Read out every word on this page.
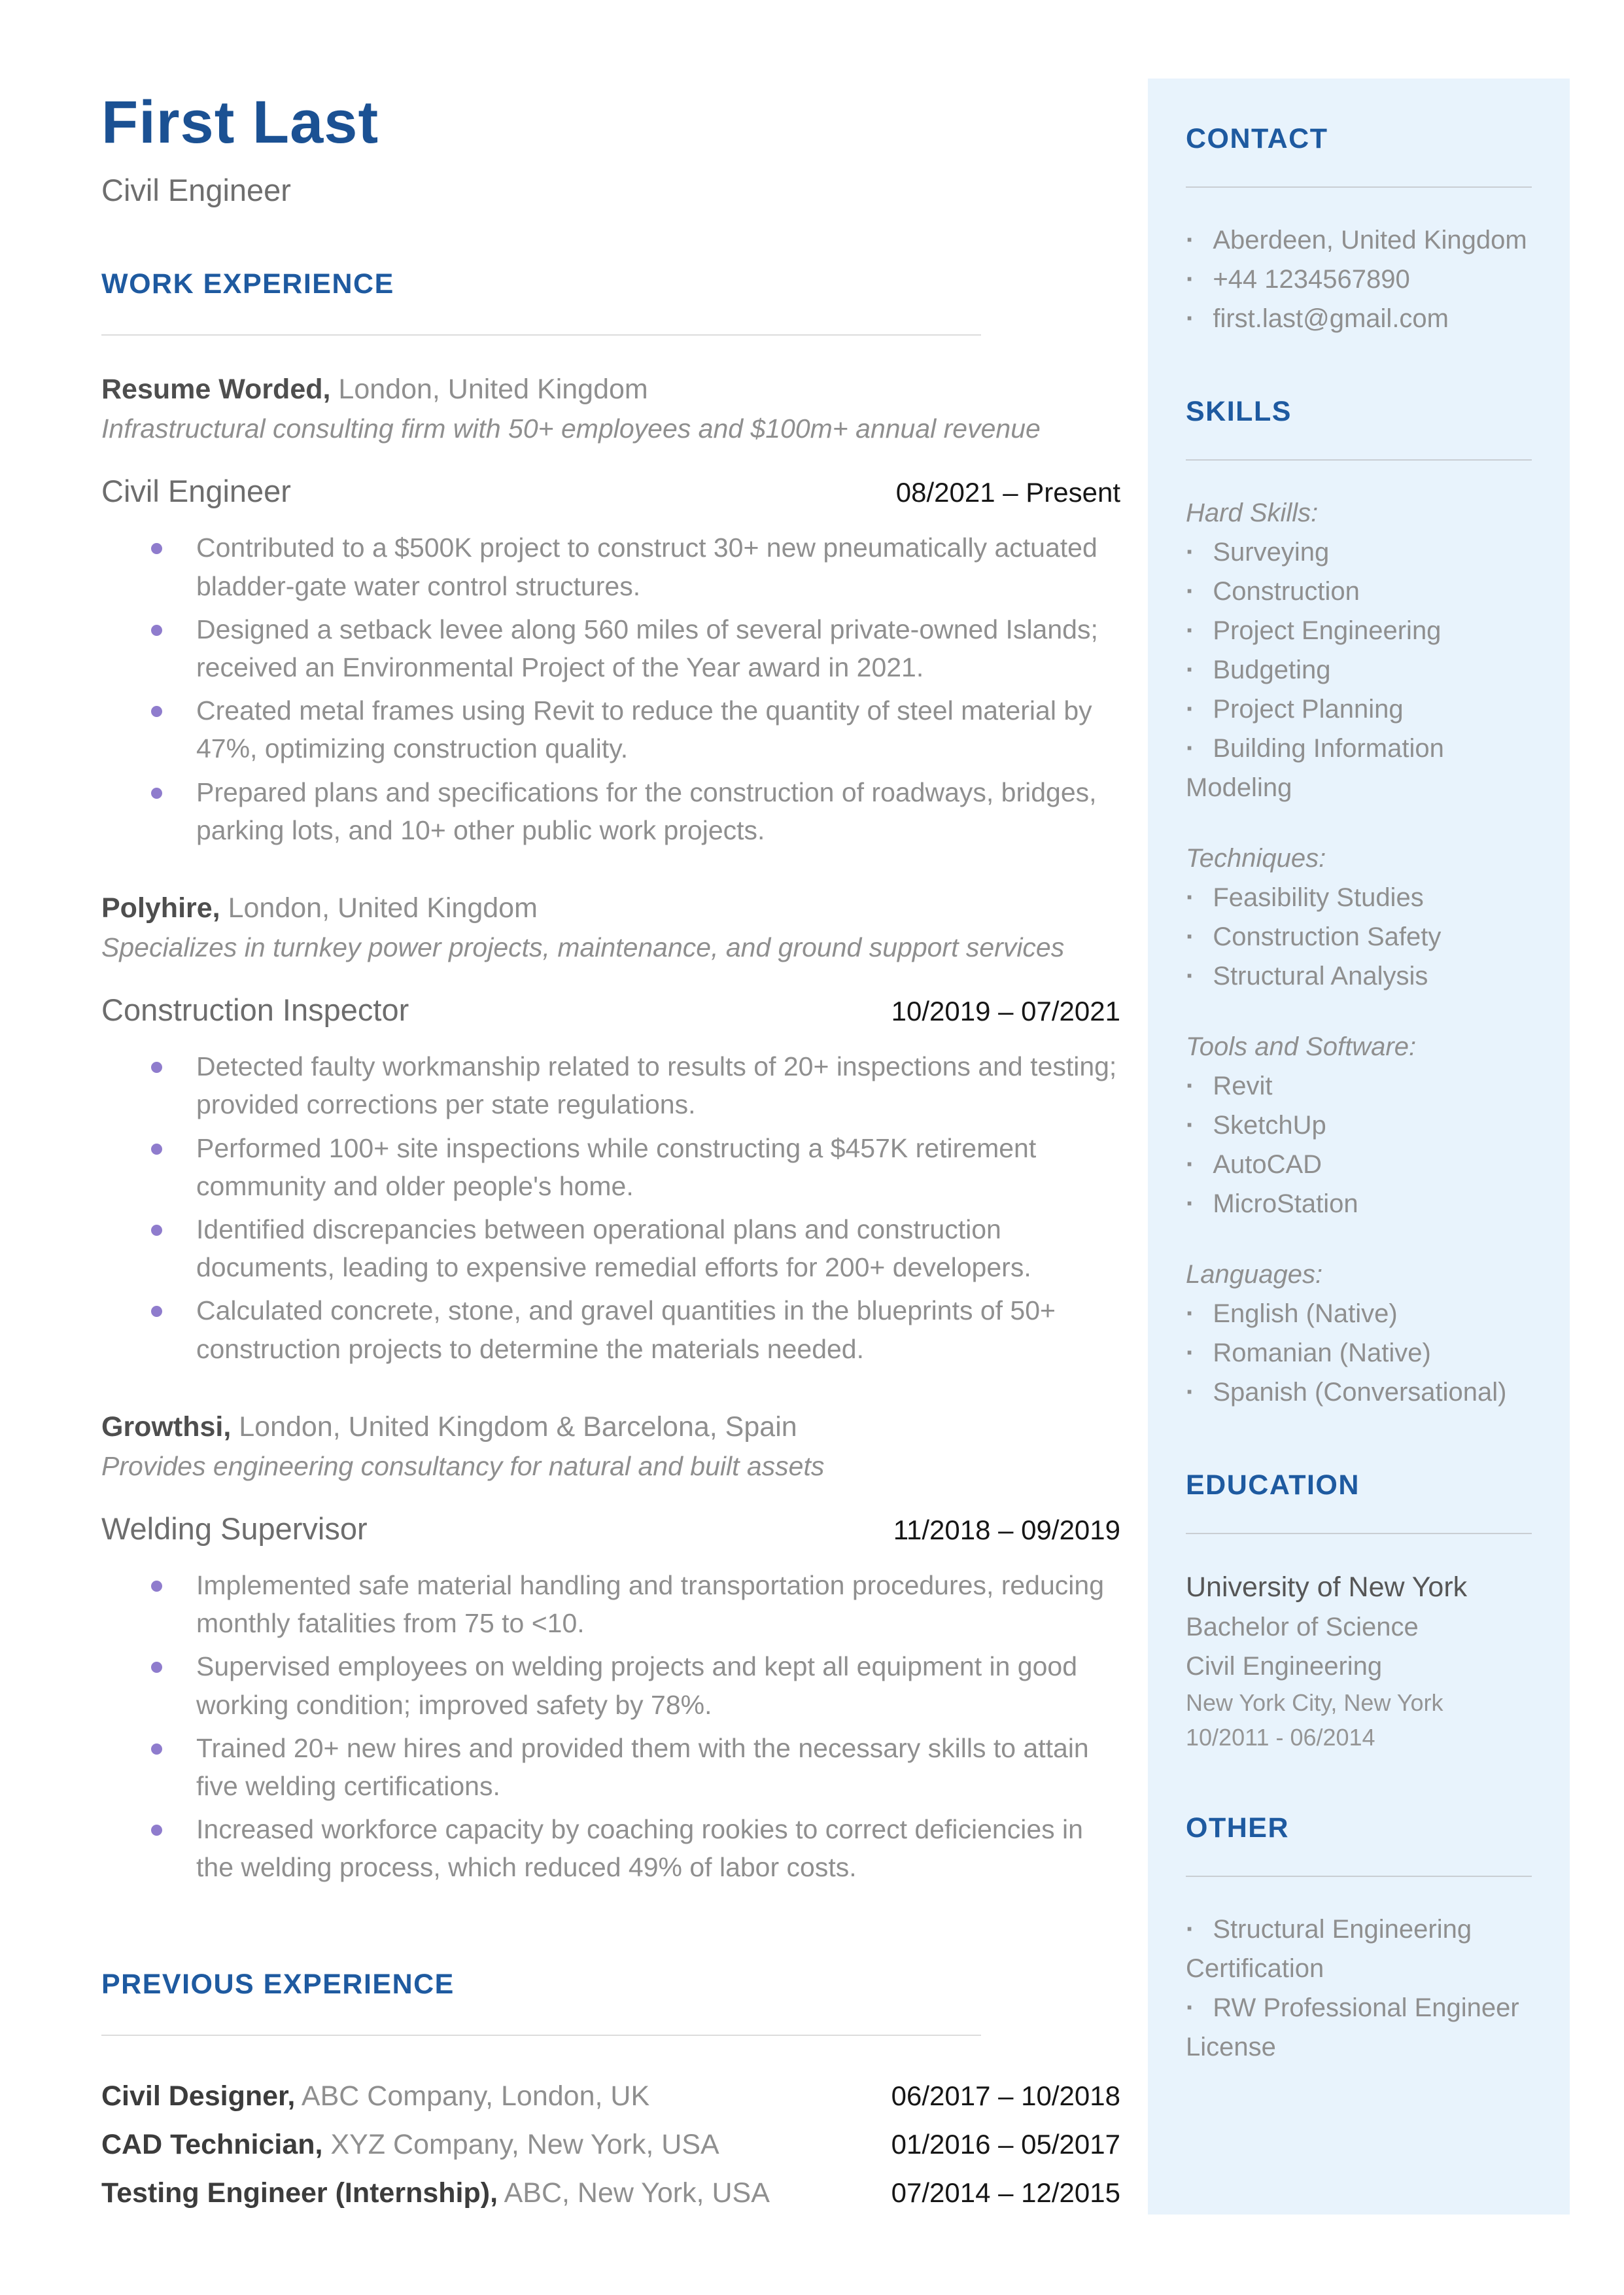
First Last
Civil Engineer
WORK EXPERIENCE
Resume Worded, London, United Kingdom
Infrastructural consulting firm with 50+ employees and $100m+ annual revenue
Civil Engineer	08/2021 – Present
Contributed to a $500K project to construct 30+ new pneumatically actuated bladder-gate water control structures.
Designed a setback levee along 560 miles of several private-owned Islands; received an Environmental Project of the Year award in 2021.
Created metal frames using Revit to reduce the quantity of steel material by 47%, optimizing construction quality.
Prepared plans and specifications for the construction of roadways, bridges, parking lots, and 10+ other public work projects.
Polyhire, London, United Kingdom
Specializes in turnkey power projects, maintenance, and ground support services
Construction Inspector	10/2019 – 07/2021
Detected faulty workmanship related to results of 20+ inspections and testing; provided corrections per state regulations.
Performed 100+ site inspections while constructing a $457K retirement community and older people's home.
Identified discrepancies between operational plans and construction documents, leading to expensive remedial efforts for 200+ developers.
Calculated concrete, stone, and gravel quantities in the blueprints of 50+ construction projects to determine the materials needed.
Growthsi, London, United Kingdom & Barcelona, Spain
Provides engineering consultancy for natural and built assets
Welding Supervisor	11/2018 – 09/2019
Implemented safe material handling and transportation procedures, reducing monthly fatalities from 75 to <10.
Supervised employees on welding projects and kept all equipment in good working condition; improved safety by 78%.
Trained 20+ new hires and provided them with the necessary skills to attain five welding certifications.
Increased workforce capacity by coaching rookies to correct deficiencies in the welding process, which reduced 49% of labor costs.
PREVIOUS EXPERIENCE
Civil Designer, ABC Company, London, UK	06/2017 – 10/2018
CAD Technician, XYZ Company, New York, USA	01/2016 – 05/2017
Testing Engineer (Internship), ABC, New York, USA	07/2014 – 12/2015
CONTACT
· Aberdeen, United Kingdom
· +44 1234567890
· first.last@gmail.com
SKILLS
Hard Skills:
· Surveying
· Construction
· Project Engineering
· Budgeting
· Project Planning
· Building Information Modeling
Techniques:
· Feasibility Studies
· Construction Safety
· Structural Analysis
Tools and Software:
· Revit
· SketchUp
· AutoCAD
· MicroStation
Languages:
· English (Native)
· Romanian (Native)
· Spanish (Conversational)
EDUCATION
University of New York
Bachelor of Science
Civil Engineering
New York City, New York
10/2011 - 06/2014
OTHER
· Structural Engineering Certification
· RW Professional Engineer License
